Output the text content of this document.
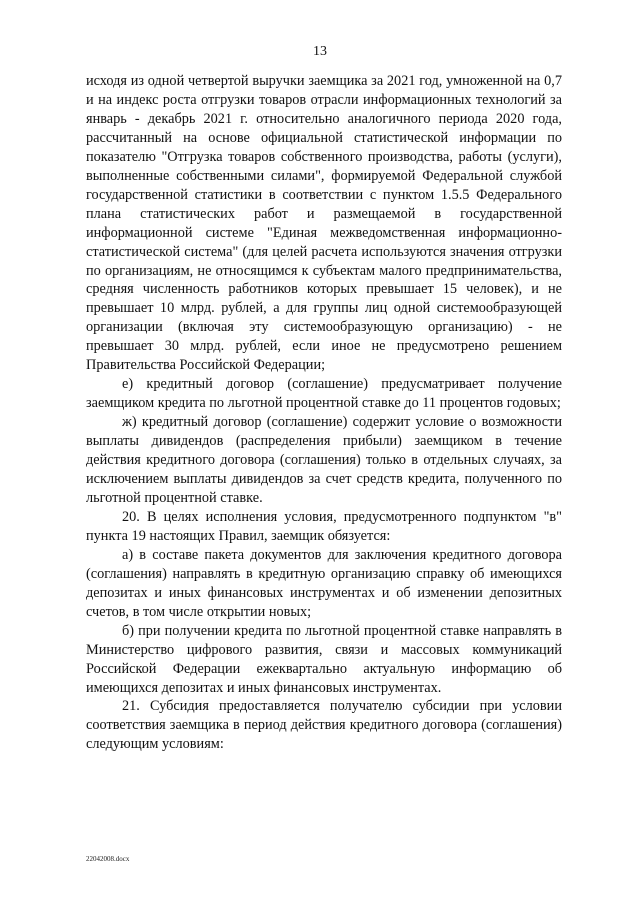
13

исходя из одной четвертой выручки заемщика за 2021 год, умноженной на 0,7 и на индекс роста отгрузки товаров отрасли информационных технологий за январь - декабрь 2021 г. относительно аналогичного периода 2020 года, рассчитанный на основе официальной статистической информации по показателю "Отгрузка товаров собственного производства, работы (услуги), выполненные собственными силами", формируемой Федеральной службой государственной статистики в соответствии с пунктом 1.5.5 Федерального плана статистических работ и размещаемой в государственной информационной системе "Единая межведомственная информационно-статистической система" (для целей расчета используются значения отгрузки по организациям, не относящимся к субъектам малого предпринимательства, средняя численность работников которых превышает 15 человек), и не превышает 10 млрд. рублей, а для группы лиц одной системообразующей организации (включая эту системообразующую организацию) - не превышает 30 млрд. рублей, если иное не предусмотрено решением Правительства Российской Федерации;

е) кредитный договор (соглашение) предусматривает получение заемщиком кредита по льготной процентной ставке до 11 процентов годовых;

ж) кредитный договор (соглашение) содержит условие о возможности выплаты дивидендов (распределения прибыли) заемщиком в течение действия кредитного договора (соглашения) только в отдельных случаях, за исключением выплаты дивидендов за счет средств кредита, полученного по льготной процентной ставке.

20. В целях исполнения условия, предусмотренного подпунктом "в" пункта 19 настоящих Правил, заемщик обязуется:

а) в составе пакета документов для заключения кредитного договора (соглашения) направлять в кредитную организацию справку об имеющихся депозитах и иных финансовых инструментах и об изменении депозитных счетов, в том числе открытии новых;

б) при получении кредита по льготной процентной ставке направлять в Министерство цифрового развития, связи и массовых коммуникаций Российской Федерации ежеквартально актуальную информацию об имеющихся депозитах и иных финансовых инструментах.

21. Субсидия предоставляется получателю субсидии при условии соответствия заемщика в период действия кредитного договора (соглашения) следующим условиям:

22042008.docx
